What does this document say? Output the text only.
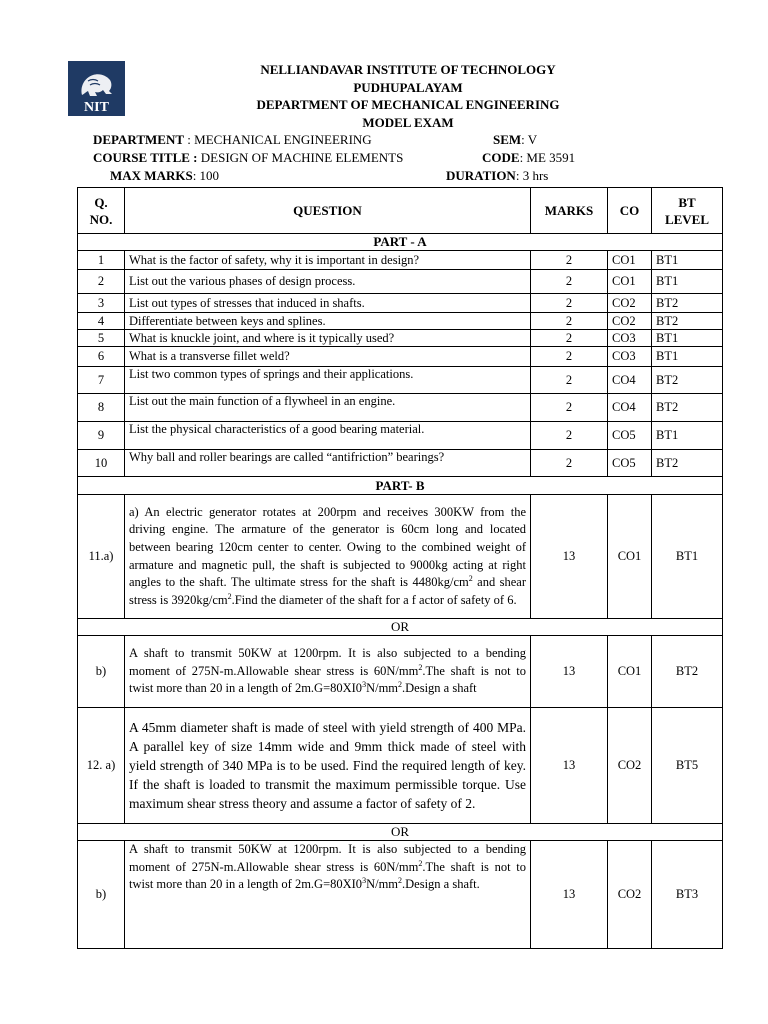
NIT
NELLIANDAVAR INSTITUTE OF TECHNOLOGY
PUDHUPALAYAM
DEPARTMENT OF MECHANICAL ENGINEERING
MODEL EXAM
DEPARTMENT : MECHANICAL ENGINEERING	SEM: V
COURSE TITLE : DESIGN OF MACHINE ELEMENTS	CODE: ME 3591
MAX MARKS: 100	DURATION: 3 hrs
Q.
NO.	QUESTION	MARKS	CO	BT
LEVEL
PART - A				
1	What is the factor of safety, why it is important in design?	2	CO1	BT1
2	List out the various phases of design process.	2	CO1	BT1
3	List out types of stresses that induced in shafts.	2	CO2	BT2
4	Differentiate between keys and splines.	2	CO2	BT2
5	What is knuckle joint, and where is it typically used?	2	CO3	BT1
6	What is a transverse fillet weld?	2	CO3	BT1
7	List two common types of springs and their applications.	2	CO4	BT2
8	List out the main function of a flywheel in an engine.	2	CO4	BT2
9	List the physical characteristics of a good bearing material.	2	CO5	BT1
10	Why ball and roller bearings are called “antifriction” bearings?	2	CO5	BT2
PART- B				
11.a)	a) An electric generator rotates at 200rpm and receives 300KW from the driving engine. The armature of the generator is 60cm long and located between bearing 120cm center to center. Owing to the combined weight of armature and magnetic pull, the shaft is subjected to 9000kg acting at right angles to the shaft. The ultimate stress for the shaft is $4480kg/cm^2$ and shear stress is $3920kg/cm^2.Find$ the diameter of the shaft for a f actor of safety of 6.	13	CO1	BT1
OR				
b)	A shaft to transmit 50KW at 1200rpm. It is also subjected to a bending moment of 275N-m.Allowable shear stress is $60N/mm^2.The$ shaft is not to twist more than 20 in a length of $2m.G=80XI0^3N/mm^2.Design$ a shaft	13	CO1	BT2
12. a)	A 45mm diameter shaft is made of steel with yield strength of 400 MPa. A parallel key of size 14mm wide and 9mm thick made of steel with yield strength of 340 MPa is to be used. Find the required length of key. If the shaft is loaded to transmit the maximum permissible torque. Use maximum shear stress theory and assume a factor of safety of 2.	13	CO2	BT5
OR				
b)	A shaft to transmit 50KW at 1200rpm. It is also subjected to a bending moment of 275N-m.Allowable shear stress is $60N/mm^2.The$ shaft is not to twist more than 20 in a length of $2m.G=80XI0^3N/mm^2.Design$ a shaft.	13	CO2	BT3
